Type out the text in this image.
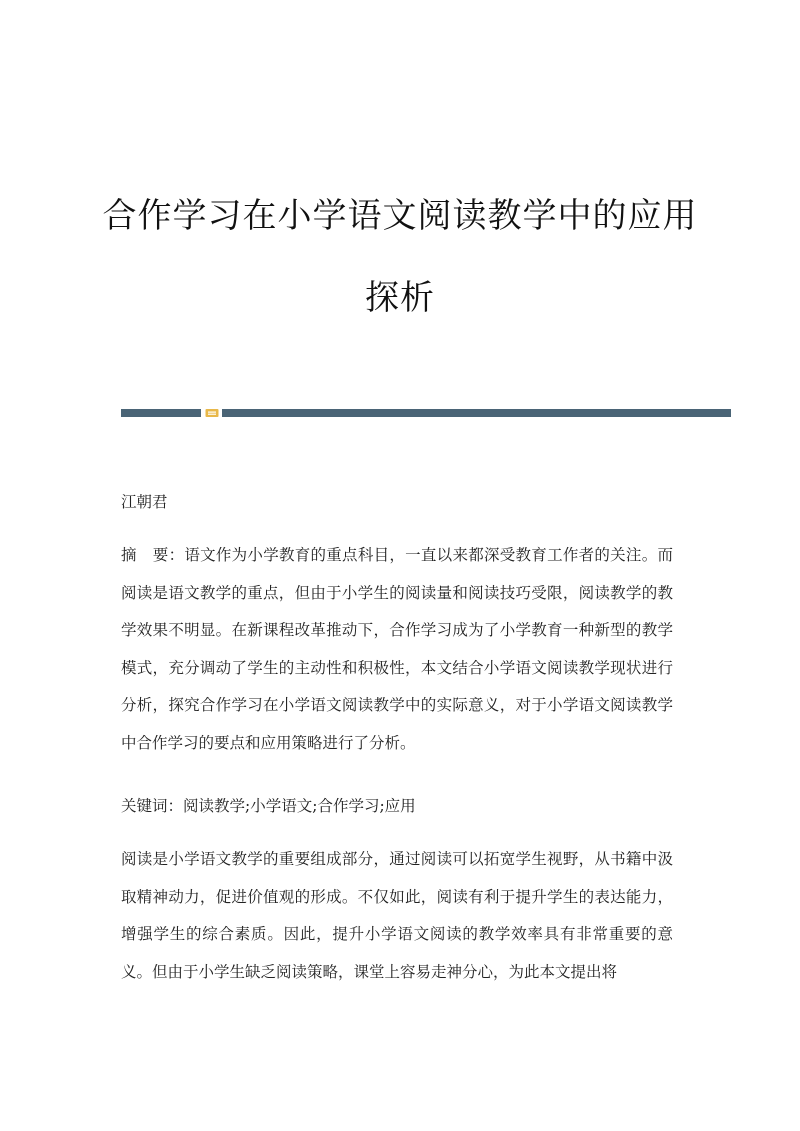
合作学习在小学语文阅读教学中的应用
探析
江朝君
摘要：语文作为小学教育的重点科目，一直以来都深受教育工作者的关注。而阅读是语文教学的重点，但由于小学生的阅读量和阅读技巧受限，阅读教学的教学效果不明显。在新课程改革推动下，合作学习成为了小学教育一种新型的教学模式，充分调动了学生的主动性和积极性，本文结合小学语文阅读教学现状进行分析，探究合作学习在小学语文阅读教学中的实际意义，对于小学语文阅读教学中合作学习的要点和应用策略进行了分析。
关键词：阅读教学;小学语文;合作学习;应用
阅读是小学语文教学的重要组成部分，通过阅读可以拓宽学生视野，从书籍中汲取精神动力，促进价值观的形成。不仅如此，阅读有利于提升学生的表达能力，增强学生的综合素质。因此，提升小学语文阅读的教学效率具有非常重要的意义。但由于小学生缺乏阅读策略，课堂上容易走神分心，为此本文提出将
